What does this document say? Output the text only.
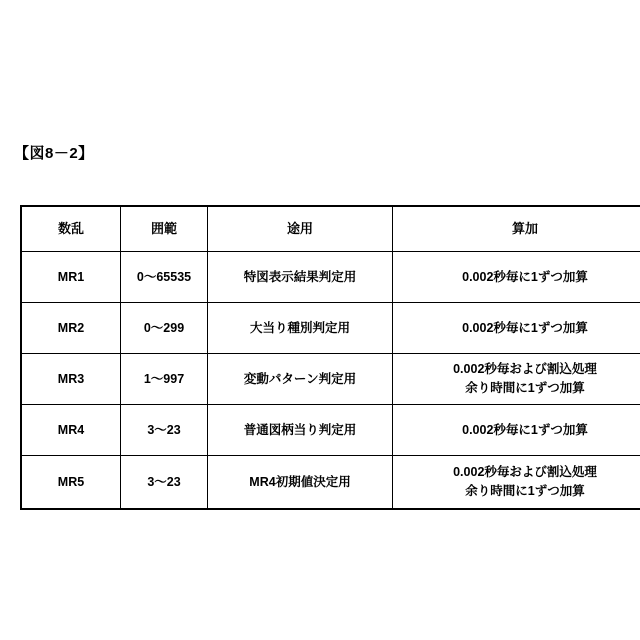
【図8－2】
数乱	囲範	途用	算加
MR1	0〜65535	特図表示結果判定用	0.002秒毎に1ずつ加算

MR2	0〜299	大当り種別判定用	0.002秒毎に1ずつ加算

MR3	1〜997	変動パターン判定用	0.002秒毎および割込処理
余り時間に1ずつ加算

MR4	3〜23	普通図柄当り判定用	0.002秒毎に1ずつ加算

MR5	3〜23	MR4初期値決定用	0.002秒毎および割込処理
余り時間に1ずつ加算
